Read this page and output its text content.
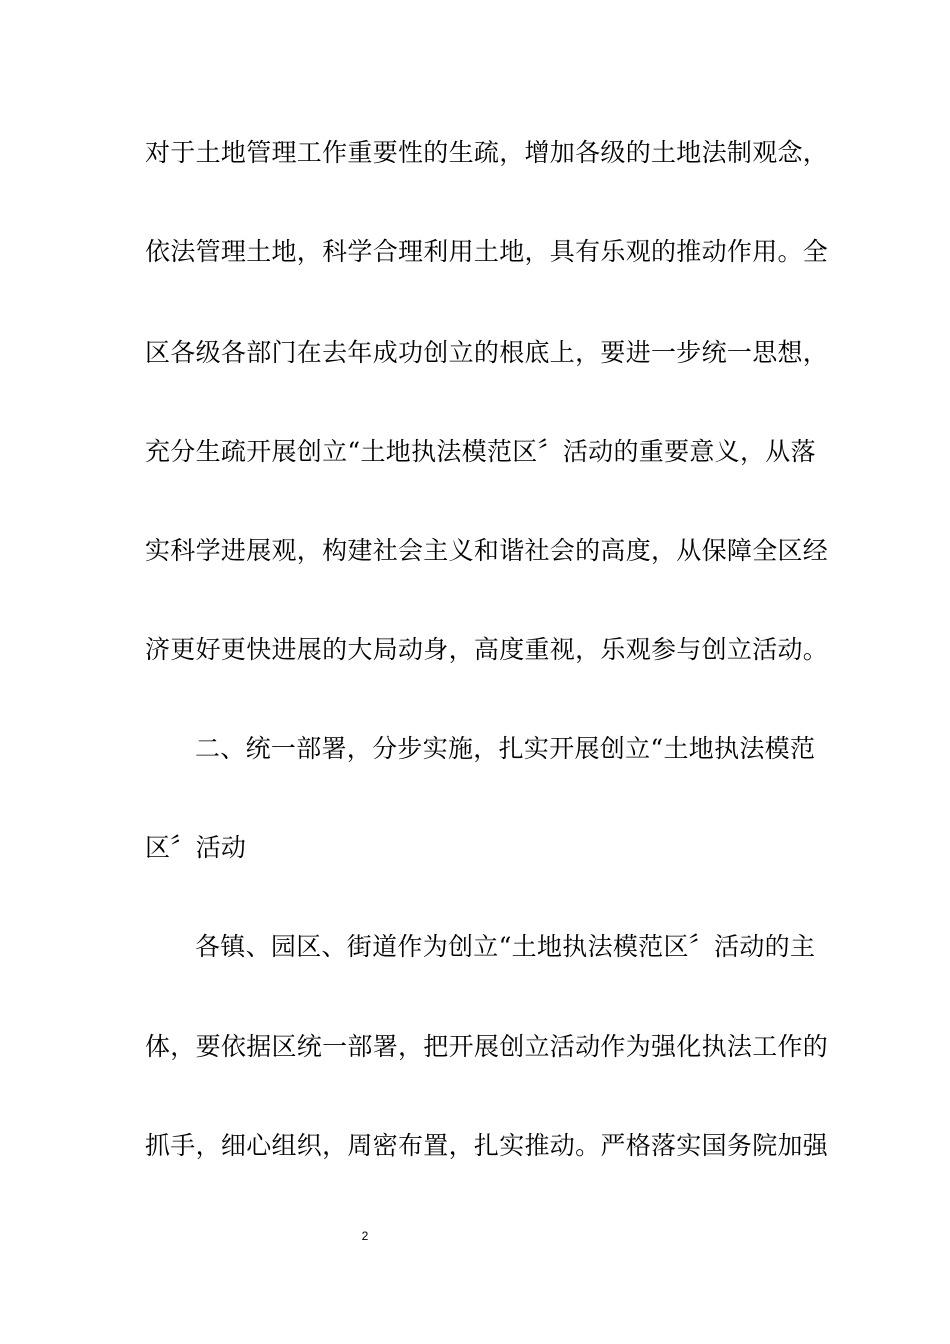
对于土地管理工作重要性的生疏，增加各级的土地法制观念，
依法管理土地，科学合理利用土地，具有乐观的推动作用。全
区各级各部门在去年成功创立的根底上，要进一步统一思想，
充分生疏开展创立“土地执法模范区〞活动的重要意义，从落
实科学进展观，构建社会主义和谐社会的高度，从保障全区经
济更好更快进展的大局动身，高度重视，乐观参与创立活动。
二、统一部署，分步实施，扎实开展创立“土地执法模范
区〞活动
各镇、园区、街道作为创立“土地执法模范区〞活动的主
体，要依据区统一部署，把开展创立活动作为强化执法工作的
抓手，细心组织，周密布置，扎实推动。严格落实国务院加强
2
